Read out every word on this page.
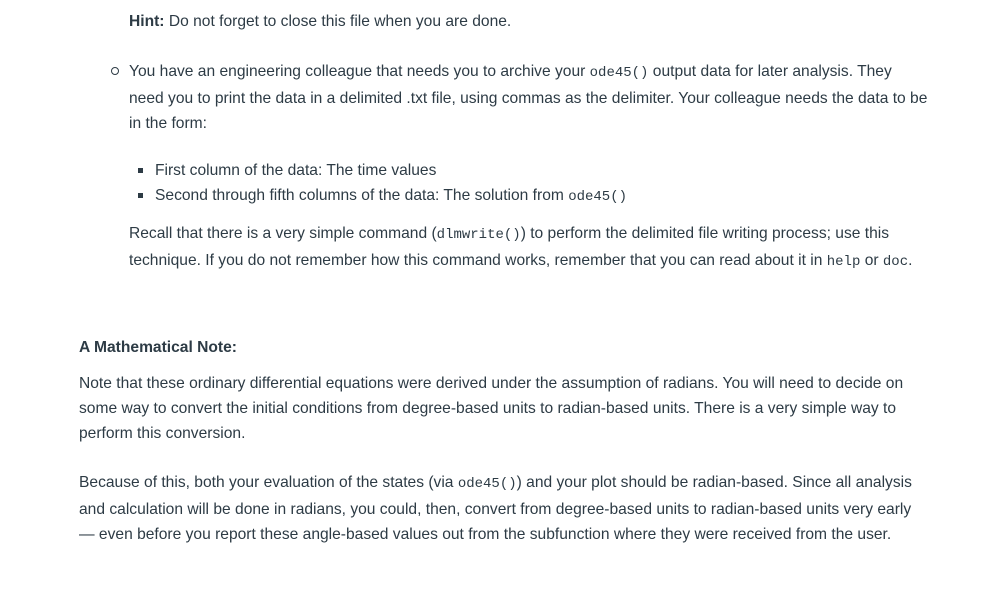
Hint: Do not forget to close this file when you are done.

You have an engineering colleague that needs you to archive your ode45() output data for later analysis. They need you to print the data in a delimited .txt file, using commas as the delimiter. Your colleague needs the data to be in the form:

First column of the data: The time values
Second through fifth columns of the data: The solution from ode45()

Recall that there is a very simple command (dlmwrite()) to perform the delimited file writing process; use this technique. If you do not remember how this command works, remember that you can read about it in help or doc.

A Mathematical Note:

Note that these ordinary differential equations were derived under the assumption of radians. You will need to decide on some way to convert the initial conditions from degree-based units to radian-based units. There is a very simple way to perform this conversion.

Because of this, both your evaluation of the states (via ode45()) and your plot should be radian-based. Since all analysis and calculation will be done in radians, you could, then, convert from degree-based units to radian-based units very early — even before you report these angle-based values out from the subfunction where they were received from the user.
